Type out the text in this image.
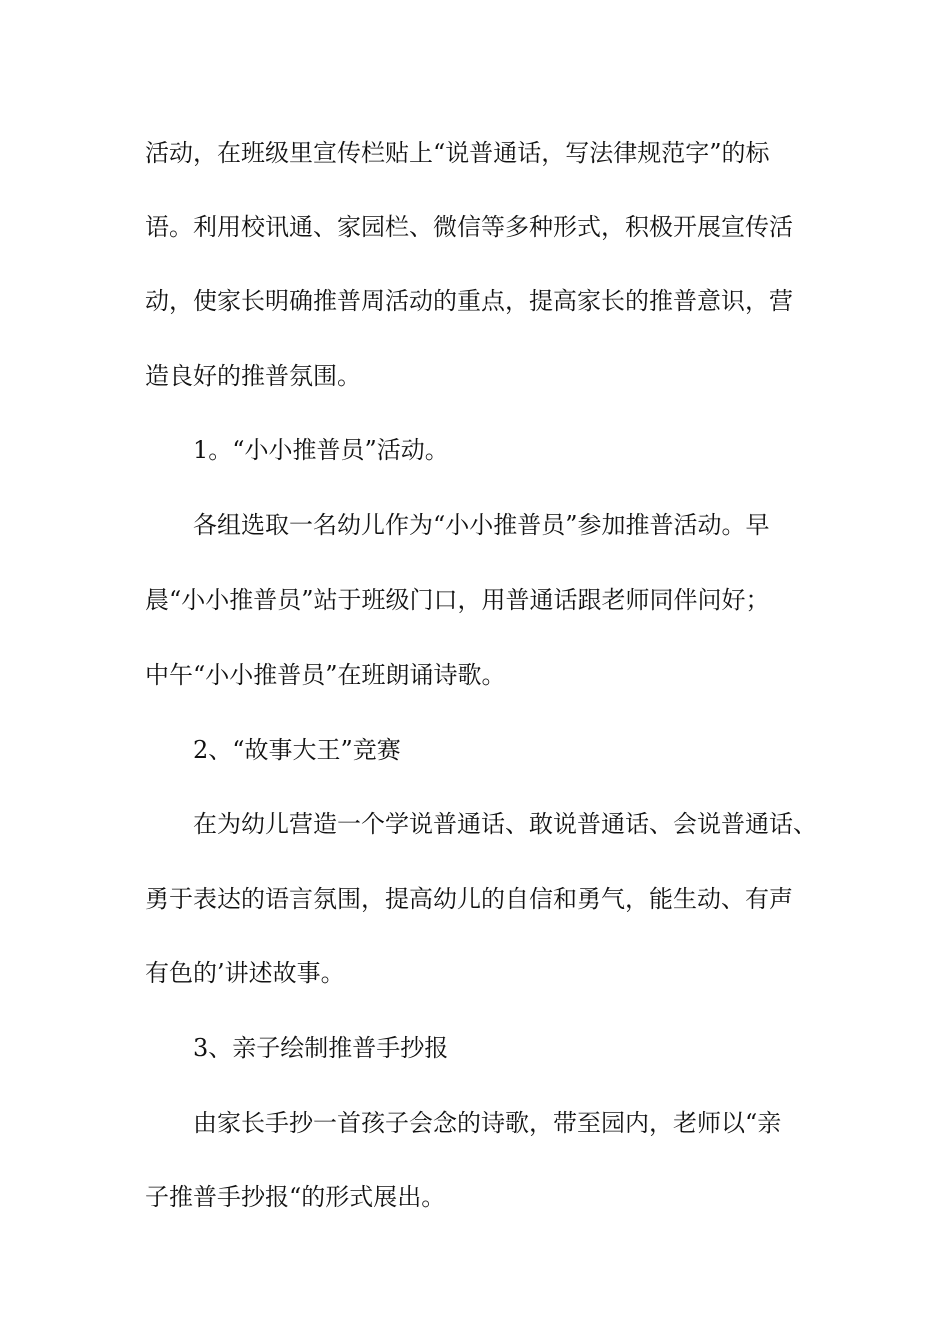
活动，在班级里宣传栏贴上“说普通话，写法律规范字”的标
语。利用校讯通、家园栏、微信等多种形式，积极开展宣传活
动，使家长明确推普周活动的重点，提高家长的推普意识，营
造良好的推普氛围。
1。“小小推普员”活动。
各组选取一名幼儿作为“小小推普员”参加推普活动。早
晨“小小推普员”站于班级门口，用普通话跟老师同伴问好；
中午“小小推普员”在班朗诵诗歌。
2、“故事大王”竞赛
在为幼儿营造一个学说普通话、敢说普通话、会说普通话、
勇于表达的语言氛围，提高幼儿的自信和勇气，能生动、有声
有色的’讲述故事。
3、亲子绘制推普手抄报
由家长手抄一首孩子会念的诗歌，带至园内，老师以“亲
子推普手抄报“的形式展出。
